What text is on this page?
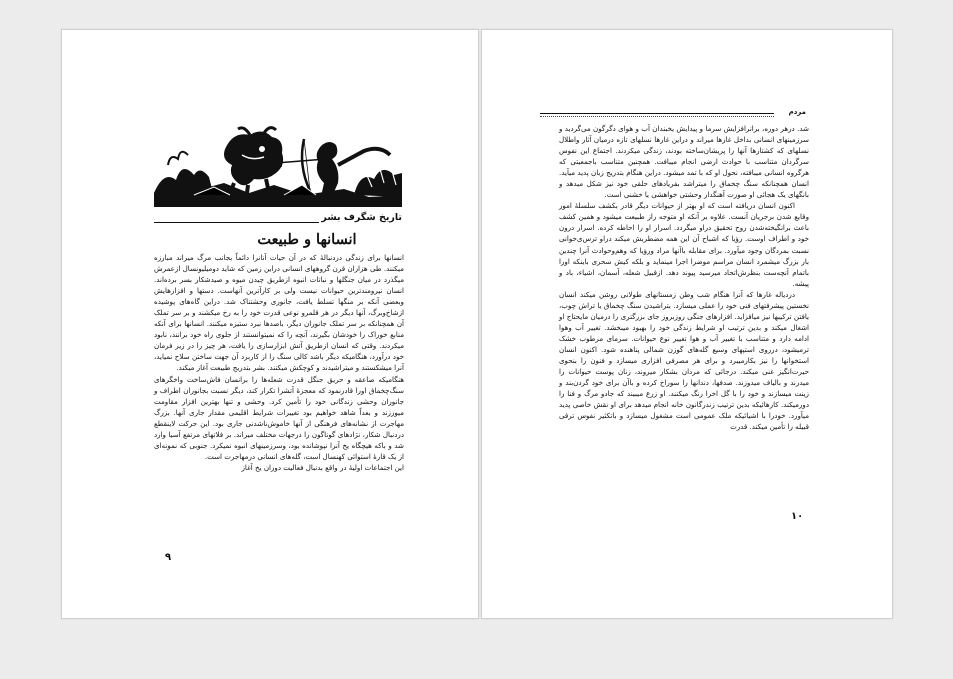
تاریخ شگرف بشر
انسانها و طبیعت

انسانها برای زندگی دردنبالهٔ که در آن حیات آنانرا دائماً بجانب مرگ میراند مبارزه میکنند. طی هزاران قرن گروههای انسانی دراین زمین که شاید دومیلیونسال ازعمرش میگذرد در میان جنگلها و نباتات انبوه ازطریق چیدن میوه و صیدشکار بسر برده‌اند. انسان نیرومندترین حیوانات نیست ولی بر کارآترین آنهاست. دستها و افزارهایش وبعضی آنکه بر منگها تسلط یافت، جانوری وحشتناک شد. دراین گاه‌های پوشیده ازشاخ‌وبرگ، آنها دیگر در هر قلمرو نوعی قدرت خود را به رخ میکشند و بر سر تملک آن همچنانکه بر سر تملک جانوران دیگر، باصدها نبرد ستیزه میکنند. انسانها برای آنکه منابع خوراک را خودشان بگیرند، آنچه را که نمیتوانستند از جلوی راه خود برانند، نابود میکردند. وقتی که انسان ازطریق آتش ابزارسازی را یافت، هر چیز را در زیر فرمان خود درآورد، هنگامیکه دیگر باشد کالی سنگ را از کاربرد آن جهت ساختن سلاح نمیاید، آنرا میشکستند و میتراشیدند و کوچکش میکنند. بشر بتدریج طبیعت آغاز میکند.

هنگامیکه صاعقه و حریق جنگل قدرت شعله‌ها را برانسان فاش‌ساخت واخگرهای سنگ‌چخماق اورا قادرنمود که معجزهٔ آتشرا تکرار کند، دیگر نسبت بجانوران اطراف و جانوران وحشی زندگانی خود را تأمین کرد. وحشی و تنها بهترین افزار مقاومت میورزند و بعداً شاهد خواهیم بود تغییرات شرایط اقلیمی مقدار جاری آنها. بزرگ مهاجرت از نشانه‌های فرهنگی از آنها خاموش‌ناشدنی جاری بود. این حرکت لاینقطع دردنبال شکار، نژادهای گوناگون را درجهات مختلف میراند. بر فلاتهای مرتفع آسیا وارد شد و باکه هیچگاه یخ آنرا نپوشانده بود، وسرزمینهای انبوه نمیکرد. جنوبی که نمونه‌ای از یک قارهٔ استوائی کهنسال است، گله‌های انسانی درمهاجرت است.

این اجتماعات اولیهٔ در واقع بدنبال فعالیت دوران یخ آغاز

۹
مردم

شد. درهر دوره، برانرافزایش سرما و پیدایش یخبندان آب و هوای دگرگون می‌گردید و سرزمینهای انسانی بداخل غارها میراند و دراین غارها نسلهای تازه درمیان آثار واطلال نسلهای که کشتارها آنها را پریشان‌ساخته بودند، زندگی میکردند. اجتماع این نفوس سرگردان متناسب با حوادث ارضی انجام میبافت. همچنین متناسب باجمعیتی که هرگروه انسانی میبافته، نحول او که با تمد میشود. دراین هنگام بتدریج زبان پدید میآید. انسان همچنانکه سنگ چخماق را میتراشد بفریادهای حلقی خود نیز شکل میدهد و بانگهای یک هجائی او صورت آهنگدار وحشتی خواهشی یا خشنی است.

اکنون انسان دریافته است که او بهتر از حیوانات دیگر قادر بکشف سلسلهٔ امور وقایع شدن برجریان آنست. علاوه بر آنکه او متوجه راز طبیعت میشود و همین کشف باعث برانگیخته‌شدن روح تحقیق دراو میگردد. اسرار او را احاطه کرده. اسرار درون خود و اطراف اوست. رؤیا که اشباح آن این همه مضطربش میکند دراو ترس‌ی‌خوانی نسبت بمردگان وجود میآورد. برای مقابله باآنها مراد ورؤیا که وهم‌وحوادث آنرا چندین بار بزرگ میشمرد انسان مراسم موضرا اجرا مینماید و بلکه کیش سحری باینکه اورا باتمام آنچه‌ست بنظرش‌اتحاد میرسید پیوند دهد. ازقبیل شعله، آسمان، اشیاء، باد و پیشه.

دردیاله غارها که آنرا هنگام شب وطن زمستانهای طولانی روشن میکند انسان نخستین پیشرفتهای فنی خود را عملی میسازد. بتراشیدن سنگ چخماق یا تراش چوب، یافتن ترکیبها نیز میافزاید. افزارهای جنگی روزبروز جای بزرگتری را درمیان مایحتاج او اشغال میکند و بدین ترتیب او شرایط زندگی خود را بهبود میبخشد. تغییر آب وهوا ادامه دارد و متناسب با تغییر آب و هوا تغییر نوع حیوانات. سرمای مرطوب خشک ترمیشود، درروی استپهای وسیع گله‌های گوزن شمالی پناهنده شود. اکنون انسان استخوانها را نیز بکارمیبرد و برای هر مصرفی افزاری میسازد و فنون را بنحوی حیرت‌انگیز غنی میکند. درجائی که مردان بشکار میروند، زنان پوست حیوانات را میدرند و بالیاف میدوزند. صدفها، دندانها را سوراخ کرده و باآن برای خود گردن‌بند و زینت میسازند و خود را با گل اخرا رنگ میکنند. او زرع میبیند که جادو مرگ و فنا را دورمیکند. کارهائیکه بدین ترتیب زندرگانون خانه انجام میدهد برای او نقش خاصی پدید میآورد. خودرا با اشیائیکه ملک عمومی است مشغول میسازد و باتکثیر نفوس ترقی قبیله را تأمین میکند. قدرت

۱۰
